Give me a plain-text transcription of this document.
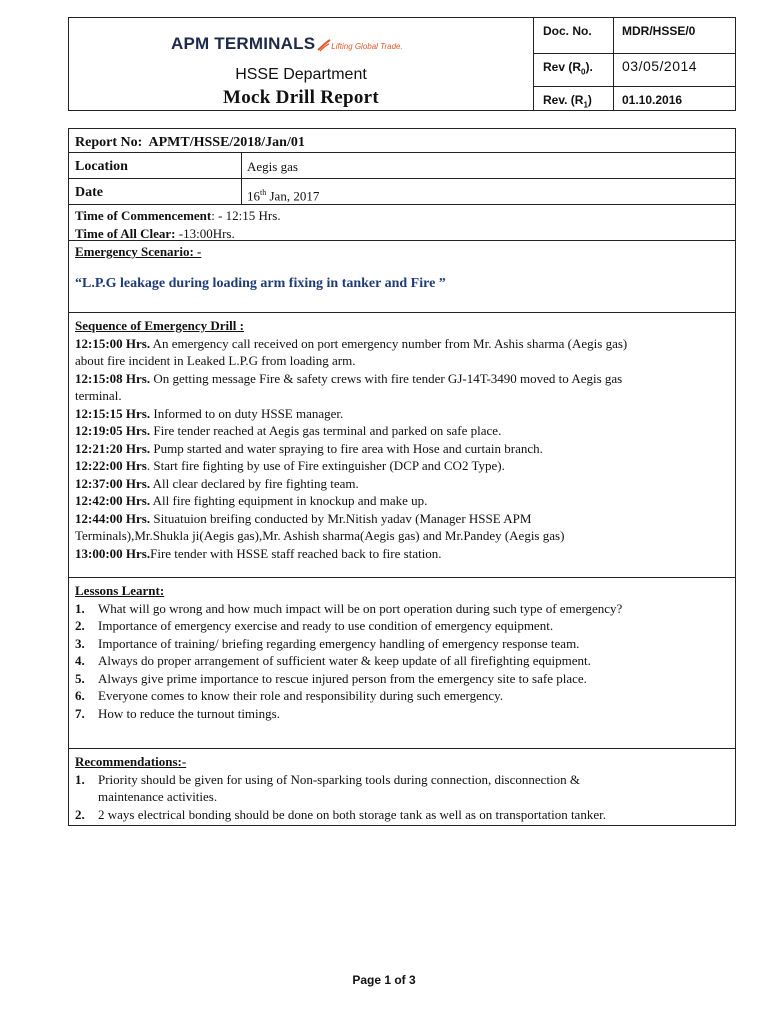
APM TERMINALS Lifting Global Trade.
HSSE Department
Mock Drill Report
Doc. No.	MDR/HSSE/0
Rev $(R_0)$. 03/05/2014
Rev. $(R_1)$	01.10.2016
Report No: APMT/HSSE/2018/Jan/01
Location	Aegis gas
Date	16th Jan, 2017
Time of Commencement: - 12:15 Hrs.
Time of All Clear: -13:00Hrs.
Emergency Scenario: -
“L.P.G leakage during loading arm fixing in tanker and Fire ”
Sequence of Emergency Drill :
12:15:00 Hrs. An emergency call received on port emergency number from Mr. Ashis sharma (Aegis gas)
about fire incident in Leaked L.P.G from loading arm.
12:15:08 Hrs. On getting message Fire & safety crews with fire tender GJ-14T-3490 moved to Aegis gas
terminal.
12:15:15 Hrs. Informed to on duty HSSE manager.
12:19:05 Hrs. Fire tender reached at Aegis gas terminal and parked on safe place.
12:21:20 Hrs. Pump started and water spraying to fire area with Hose and curtain branch.
12:22:00 Hrs. Start fire fighting by use of Fire extinguisher (DCP and CO2 Type).
12:37:00 Hrs. All clear declared by fire fighting team.
12:42:00 Hrs. All fire fighting equipment in knockup and make up.
12:44:00 Hrs. Situatuion breifing conducted by Mr.Nitish yadav (Manager HSSE APM
Terminals),Mr.Shukla ji(Aegis gas),Mr. Ashish sharma(Aegis gas) and Mr.Pandey (Aegis gas)
13:00:00 Hrs.Fire tender with HSSE staff reached back to fire station.
Lessons Learnt:
1. What will go wrong and how much impact will be on port operation during such type of emergency?
2. Importance of emergency exercise and ready to use condition of emergency equipment.
3. Importance of training/ briefing regarding emergency handling of emergency response team.
4. Always do proper arrangement of sufficient water & keep update of all firefighting equipment.
5. Always give prime importance to rescue injured person from the emergency site to safe place.
6. Everyone comes to know their role and responsibility during such emergency.
7. How to reduce the turnout timings.
Recommendations:-
1. Priority should be given for using of Non-sparking tools during connection, disconnection &
maintenance activities.
2. 2 ways electrical bonding should be done on both storage tank as well as on transportation tanker.
Page 1 of 3
